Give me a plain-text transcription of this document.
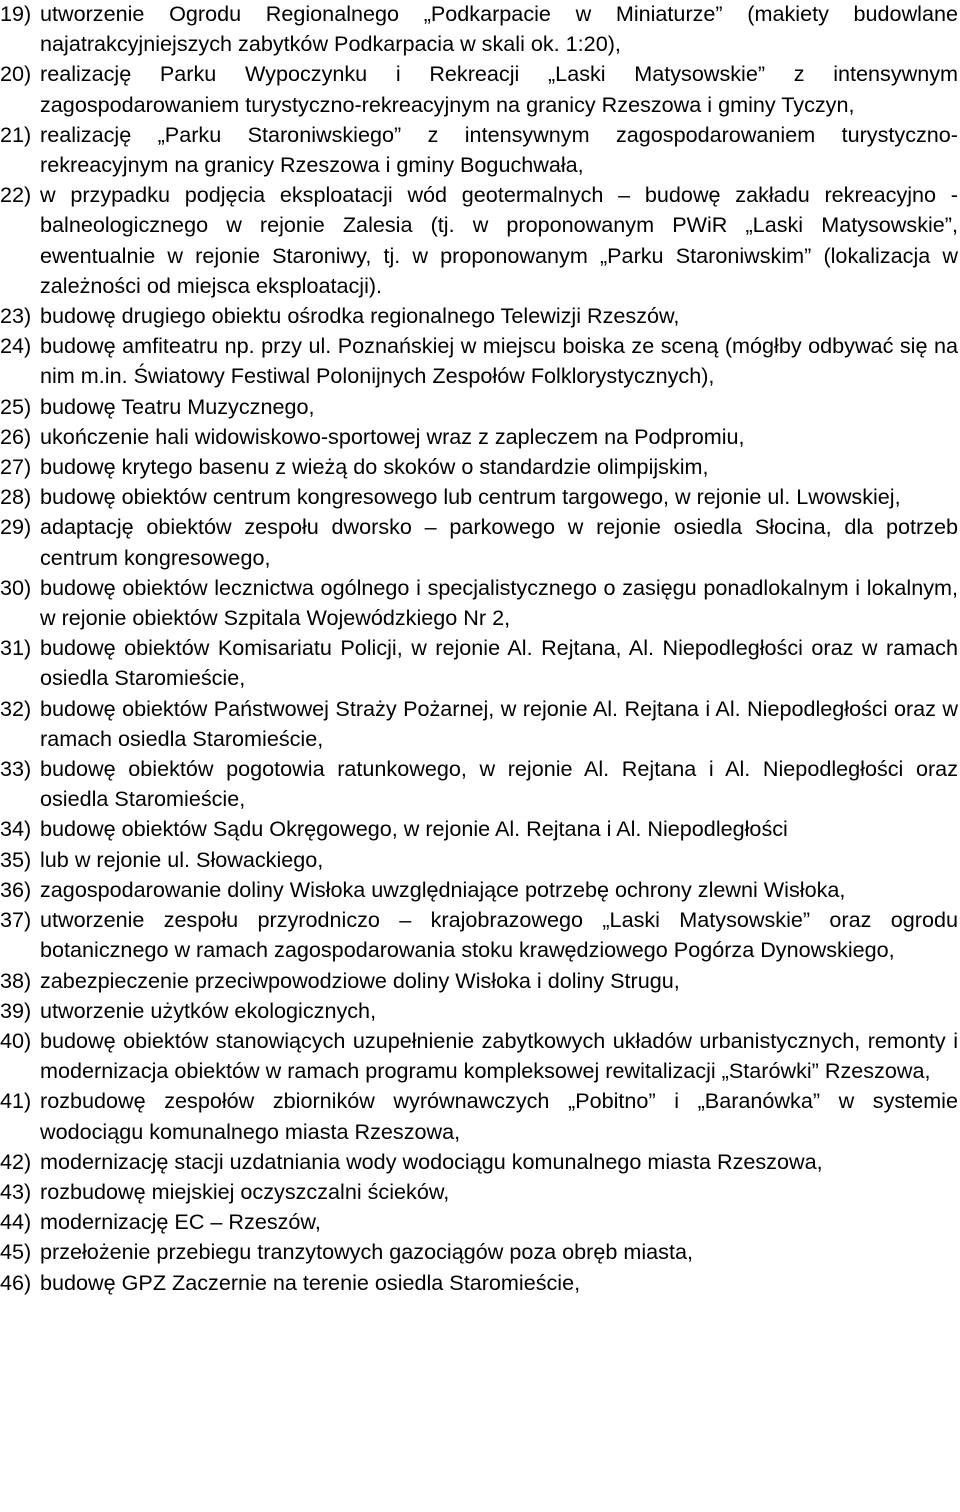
19) utworzenie Ogrodu Regionalnego „Podkarpacie w Miniaturze” (makiety budowlane najatrakcyjniejszych zabytków Podkarpacia w skali ok. 1:20),
20) realizację Parku Wypoczynku i Rekreacji „Laski Matysowskie” z intensywnym zagospodarowaniem turystyczno-rekreacyjnym na granicy Rzeszowa i gminy Tyczyn,
21) realizację „Parku Staroniwskiego” z intensywnym zagospodarowaniem turystyczno-rekreacyjnym na granicy Rzeszowa i gminy Boguchwała,
22) w przypadku podjęcia eksploatacji wód geotermalnych – budowę zakładu rekreacyjno - balneologicznego w rejonie Zalesia (tj. w proponowanym PWiR „Laski Matysowskie”, ewentualnie w rejonie Staroniwy, tj. w proponowanym „Parku Staroniwskim” (lokalizacja w zależności od miejsca eksploatacji).
23) budowę drugiego obiektu ośrodka regionalnego Telewizji Rzeszów,
24) budowę amfiteatru np. przy ul. Poznańskiej w miejscu boiska ze sceną (mógłby odbywać się na nim m.in. Światowy Festiwal Polonijnych Zespołów Folklorystycznych),
25) budowę Teatru Muzycznego,
26) ukończenie hali widowiskowo-sportowej wraz z zapleczem na Podpromiu,
27) budowę krytego basenu z wieżą do skoków o standardzie olimpijskim,
28) budowę obiektów centrum kongresowego lub centrum targowego, w rejonie ul. Lwowskiej,
29) adaptację obiektów zespołu dworsko – parkowego w rejonie osiedla Słocina, dla potrzeb centrum kongresowego,
30) budowę obiektów lecznictwa ogólnego i specjalistycznego o zasięgu ponadlokalnym i lokalnym, w rejonie obiektów Szpitala Wojewódzkiego Nr 2,
31) budowę obiektów Komisariatu Policji, w rejonie Al. Rejtana, Al. Niepodległości oraz w ramach osiedla Staromieście,
32) budowę obiektów Państwowej Straży Pożarnej, w rejonie Al. Rejtana i Al. Niepodległości oraz w ramach osiedla Staromieście,
33) budowę obiektów pogotowia ratunkowego, w rejonie Al. Rejtana i Al. Niepodległości oraz osiedla Staromieście,
34) budowę obiektów Sądu Okręgowego, w rejonie Al. Rejtana i Al. Niepodległości
35) lub w rejonie ul. Słowackiego,
36) zagospodarowanie doliny Wisłoka uwzględniające potrzebę ochrony zlewni Wisłoka,
37) utworzenie zespołu przyrodniczo – krajobrazowego „Laski Matysowskie” oraz ogrodu botanicznego w ramach zagospodarowania stoku krawędziowego Pogórza Dynowskiego,
38) zabezpieczenie przeciwpowodziowe doliny Wisłoka i doliny Strugu,
39) utworzenie użytków ekologicznych,
40) budowę obiektów stanowiących uzupełnienie zabytkowych układów urbanistycznych, remonty i modernizacja obiektów w ramach programu kompleksowej rewitalizacji „Starówki” Rzeszowa,
41) rozbudowę zespołów zbiorników wyrównawczych „Pobitno” i „Baranówka” w systemie wodociągu komunalnego miasta Rzeszowa,
42) modernizację stacji uzdatniania wody wodociągu komunalnego miasta Rzeszowa,
43) rozbudowę miejskiej oczyszczalni ścieków,
44) modernizację EC – Rzeszów,
45) przełożenie przebiegu tranzytowych gazociągów poza obręb miasta,
46) budowę GPZ Zaczernie na terenie osiedla Staromieście,
